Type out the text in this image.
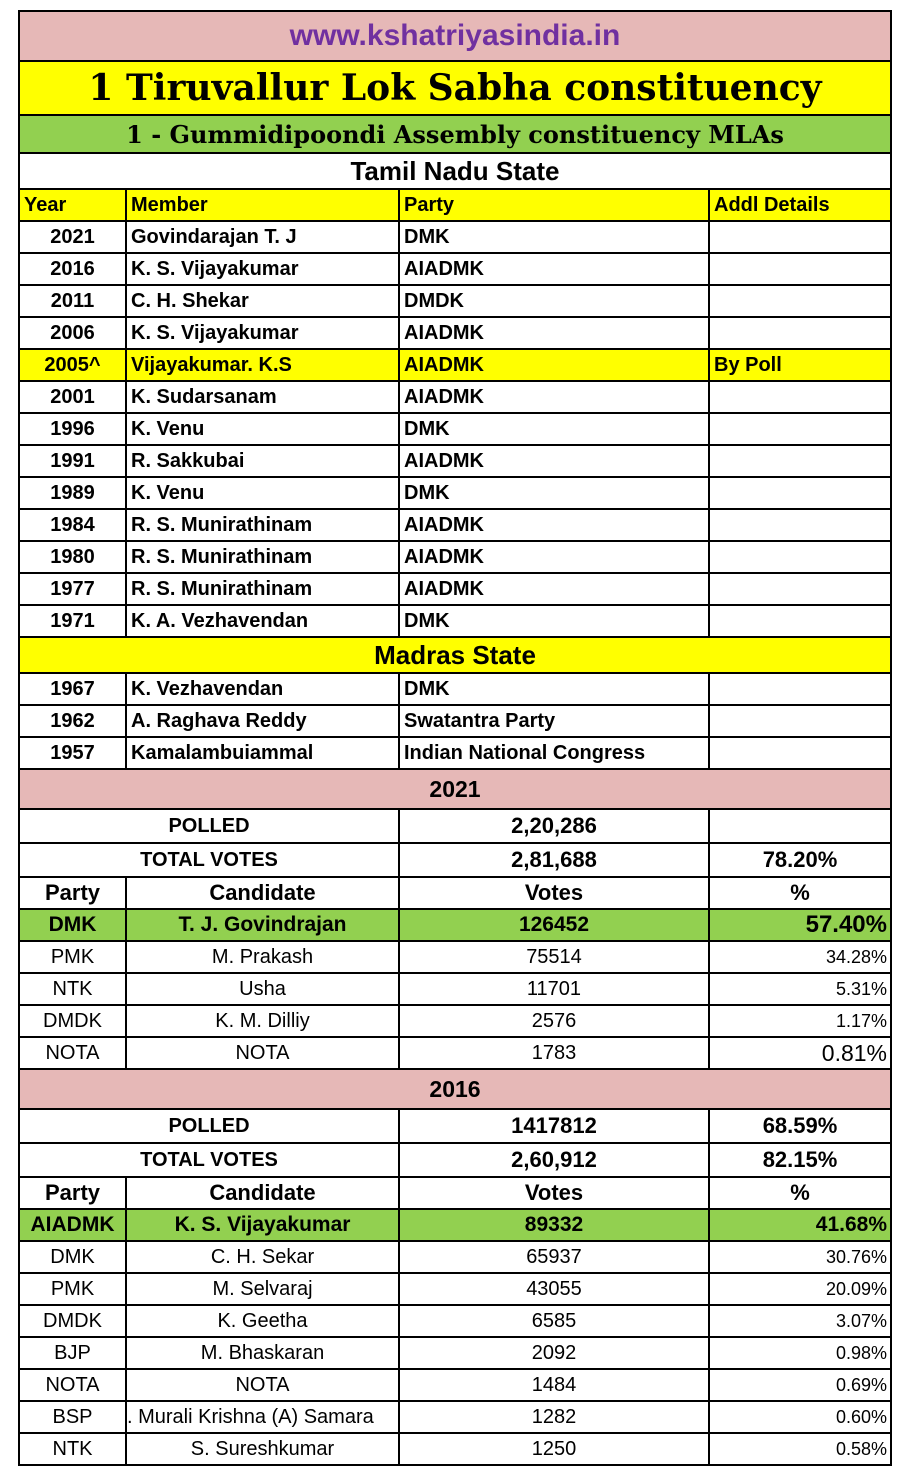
www.kshatriyasindia.in
1 Tiruvallur Lok Sabha constituency
1 - Gummidipoondi Assembly constituency MLAs
Tamil Nadu State
Year	Member	Party	Addl Details
2021	Govindarajan T. J	DMK
2016	K. S. Vijayakumar	AIADMK
2011	C. H. Shekar	DMDK
2006	K. S. Vijayakumar	AIADMK
2005^	Vijayakumar. K.S	AIADMK	By Poll
2001	K. Sudarsanam	AIADMK
1996	K. Venu	DMK
1991	R. Sakkubai	AIADMK
1989	K. Venu	DMK
1984	R. S. Munirathinam	AIADMK
1980	R. S. Munirathinam	AIADMK
1977	R. S. Munirathinam	AIADMK
1971	K. A. Vezhavendan	DMK
Madras State
1967	K. Vezhavendan	DMK
1962	A. Raghava Reddy	Swatantra Party
1957	Kamalambuiammal	Indian National Congress
2021
POLLED	2,20,286
TOTAL VOTES	2,81,688	78.20%
Party	Candidate	Votes	%
DMK	T. J. Govindrajan	126452	57.40%
PMK	M. Prakash	75514	34.28%
NTK	Usha	11701	5.31%
DMDK	K. M. Dilliy	2576	1.17%
NOTA	NOTA	1783	0.81%
2016
POLLED	1417812	68.59%
TOTAL VOTES	2,60,912	82.15%
Party	Candidate	Votes	%
AIADMK	K. S. Vijayakumar	89332	41.68%
DMK	C. H. Sekar	65937	30.76%
PMK	M. Selvaraj	43055	20.09%
DMDK	K. Geetha	6585	3.07%
BJP	M. Bhaskaran	2092	0.98%
NOTA	NOTA	1484	0.69%
BSP	. Murali Krishna (A) Samara	1282	0.60%
NTK	S. Sureshkumar	1250	0.58%
